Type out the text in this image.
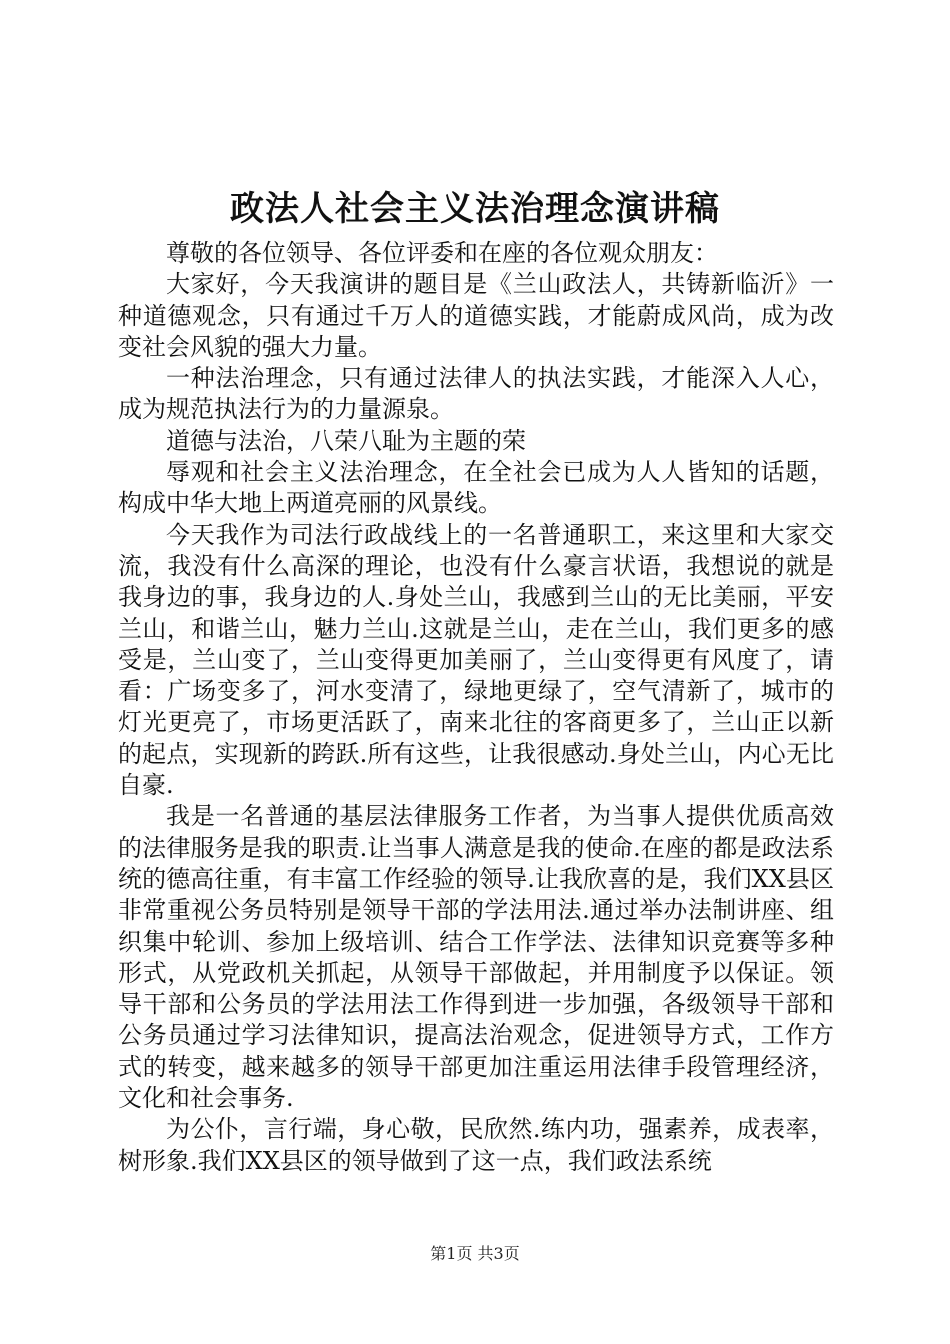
政法人社会主义法治理念演讲稿

尊敬的各位领导、各位评委和在座的各位观众朋友：

大家好，今天我演讲的题目是《兰山政法人，共铸新临沂》一种道德观念，只有通过千万人的道德实践，才能蔚成风尚，成为改变社会风貌的强大力量。

一种法治理念，只有通过法律人的执法实践，才能深入人心，成为规范执法行为的力量源泉。

道德与法治，八荣八耻为主题的荣

辱观和社会主义法治理念，在全社会已成为人人皆知的话题，构成中华大地上两道亮丽的风景线。

今天我作为司法行政战线上的一名普通职工，来这里和大家交流，我没有什么高深的理论，也没有什么豪言状语，我想说的就是我身边的事，我身边的人.身处兰山，我感到兰山的无比美丽，平安兰山，和谐兰山，魅力兰山.这就是兰山，走在兰山，我们更多的感受是，兰山变了，兰山变得更加美丽了，兰山变得更有风度了，请看：广场变多了，河水变清了，绿地更绿了，空气清新了，城市的灯光更亮了，市场更活跃了，南来北往的客商更多了，兰山正以新的起点，实现新的跨跃.所有这些，让我很感动.身处兰山，内心无比自豪.

我是一名普通的基层法律服务工作者，为当事人提供优质高效的法律服务是我的职责.让当事人满意是我的使命.在座的都是政法系统的德高往重，有丰富工作经验的领导.让我欣喜的是，我们XX县区非常重视公务员特别是领导干部的学法用法.通过举办法制讲座、组织集中轮训、参加上级培训、结合工作学法、法律知识竞赛等多种形式，从党政机关抓起，从领导干部做起，并用制度予以保证。领导干部和公务员的学法用法工作得到进一步加强，各级领导干部和公务员通过学习法律知识，提高法治观念，促进领导方式，工作方式的转变，越来越多的领导干部更加注重运用法律手段管理经济，文化和社会事务.

为公仆，言行端，身心敬，民欣然.练内功，强素养，成表率，树形象.我们XX县区的领导做到了这一点，我们政法系统

第1页 共3页
